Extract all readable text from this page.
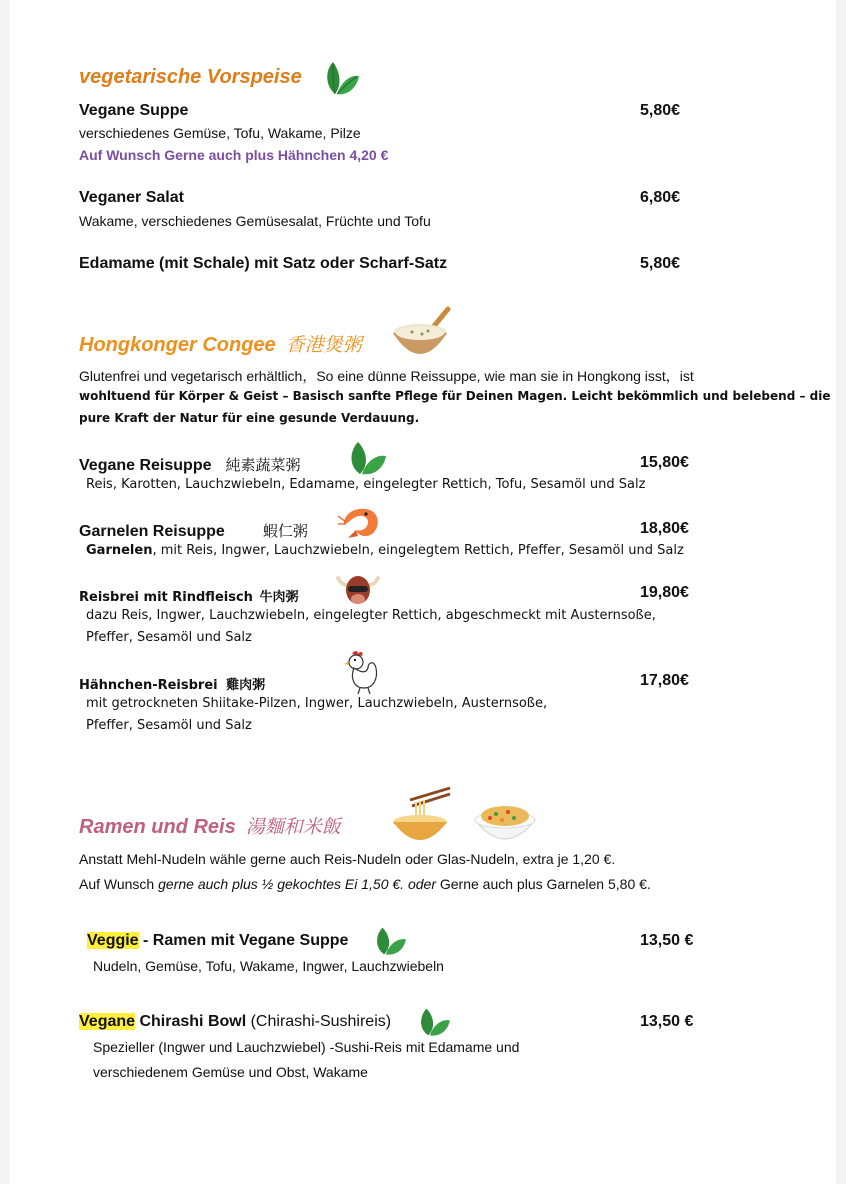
vegetarische Vorspeise
Vegane Suppe	5,80€
verschiedenes Gemüse, Tofu, Wakame, Pilze
Auf Wunsch Gerne auch plus Hähnchen 4,20 €
Veganer Salat	6,80€
Wakame, verschiedenes Gemüsesalat, Früchte und Tofu
Edamame (mit Schale) mit Satz oder Scharf-Satz	5,80€
Hongkonger Congee 香港煲粥
Glutenfrei und vegetarisch erhältlich，So eine dünne Reissuppe, wie man sie in Hongkong isst，ist
wohltuend für Körper & Geist – Basisch sanfte Pflege für Deinen Magen. Leicht bekömmlich und belebend – die
pure Kraft der Natur für eine gesunde Verdauung.
Vegane Reisuppe 純素蔬菜粥	15,80€
Reis, Karotten, Lauchzwiebeln, Edamame, eingelegter Rettich, Tofu, Sesamöl und Salz
Garnelen Reisuppe	蝦仁粥	18,80€
Garnelen, mit Reis, Ingwer, Lauchzwiebeln, eingelegtem Rettich, Pfeffer, Sesamöl und Salz
Reisbrei mit Rindfleisch 牛肉粥	19,80€
dazu Reis, Ingwer, Lauchzwiebeln, eingelegter Rettich, abgeschmeckt mit Austernsoße,
Pfeffer, Sesamöl und Salz
Hähnchen-Reisbrei 雞肉粥	17,80€
mit getrockneten Shiitake-Pilzen, Ingwer, Lauchzwiebeln, Austernsoße,
Pfeffer, Sesamöl und Salz
Ramen und Reis 湯麵和米飯
Anstatt Mehl-Nudeln wähle gerne auch Reis-Nudeln oder Glas-Nudeln, extra je 1,20 €.
Auf Wunsch gerne auch plus ½ gekochtes Ei 1,50 €. oder Gerne auch plus Garnelen 5,80 €.
Veggie - Ramen mit Vegane Suppe	13,50 €
Nudeln, Gemüse, Tofu, Wakame, Ingwer, Lauchzwiebeln
Vegane Chirashi Bowl (Chirashi-Sushireis)	13,50 €
Spezieller (Ingwer und Lauchzwiebel) -Sushi-Reis mit Edamame und
verschiedenem Gemüse und Obst, Wakame
